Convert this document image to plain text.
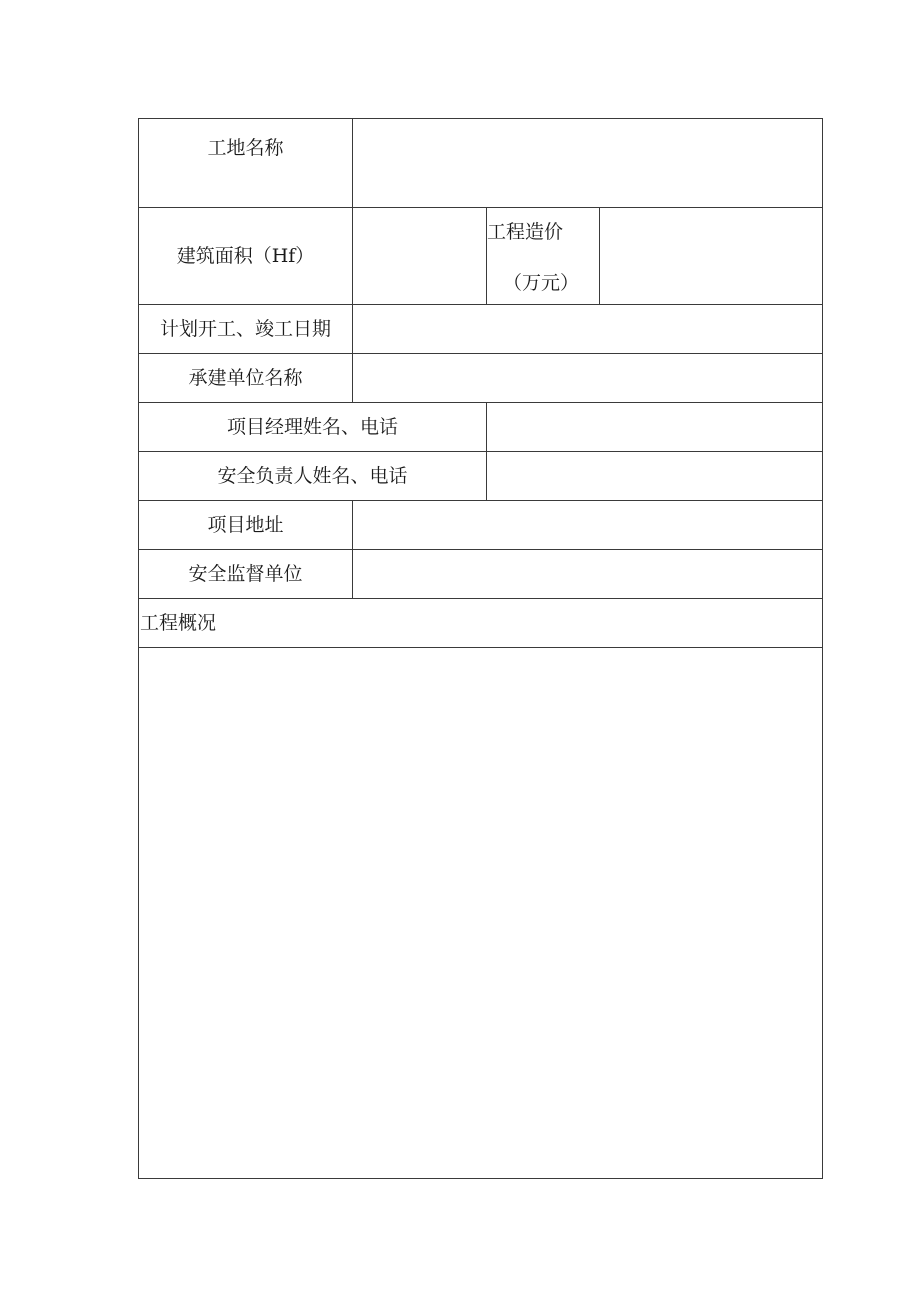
工地名称
建筑面积（Hf）
工程造价
（万元）
计划开工、竣工日期
承建单位名称
项目经理姓名、电话
安全负责人姓名、电话
项目地址
安全监督单位
工程概况
